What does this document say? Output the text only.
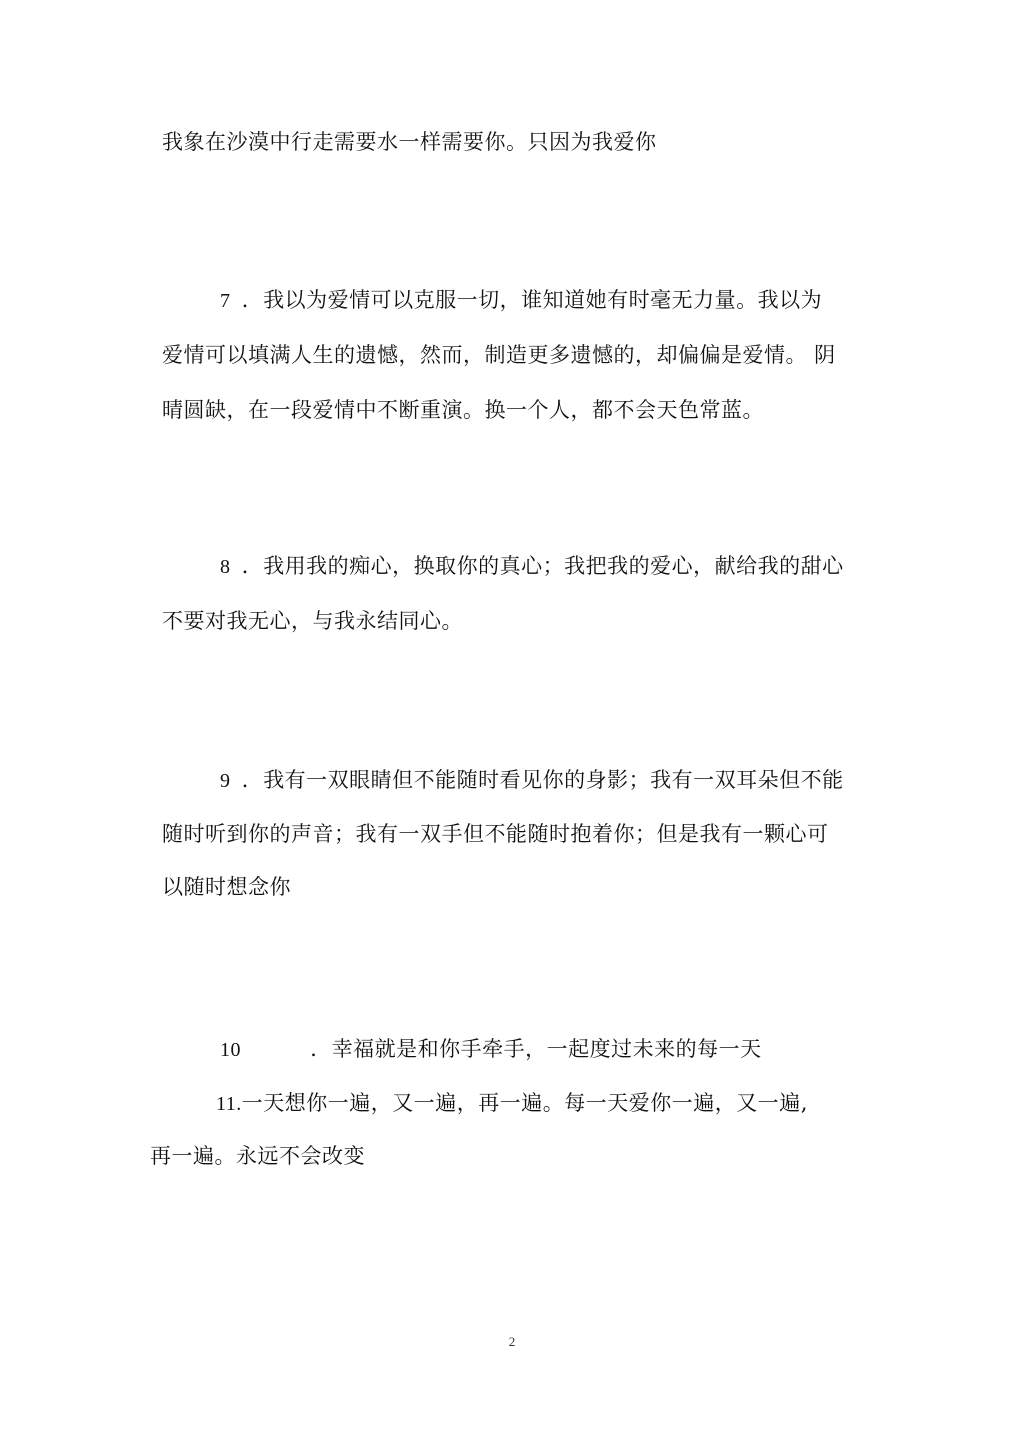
我象在沙漠中行走需要水一样需要你。只因为我爱你
7 ．我以为爱情可以克服一切，谁知道她有时毫无力量。我以为
爱情可以填满人生的遗憾，然而，制造更多遗憾的，却偏偏是爱情。 阴
晴圆缺，在一段爱情中不断重演。换一个人，都不会天色常蓝。
8 ．我用我的痴心，换取你的真心；我把我的爱心，献给我的甜心
不要对我无心，与我永结同心。
9 ．我有一双眼睛但不能随时看见你的身影；我有一双耳朵但不能
随时听到你的声音；我有一双手但不能随时抱着你；但是我有一颗心可
以随时想念你
10	．幸福就是和你手牵手，一起度过未来的每一天
11.一天想你一遍，又一遍，再一遍。每一天爱你一遍，又一遍,
再一遍。永远不会改变
2
